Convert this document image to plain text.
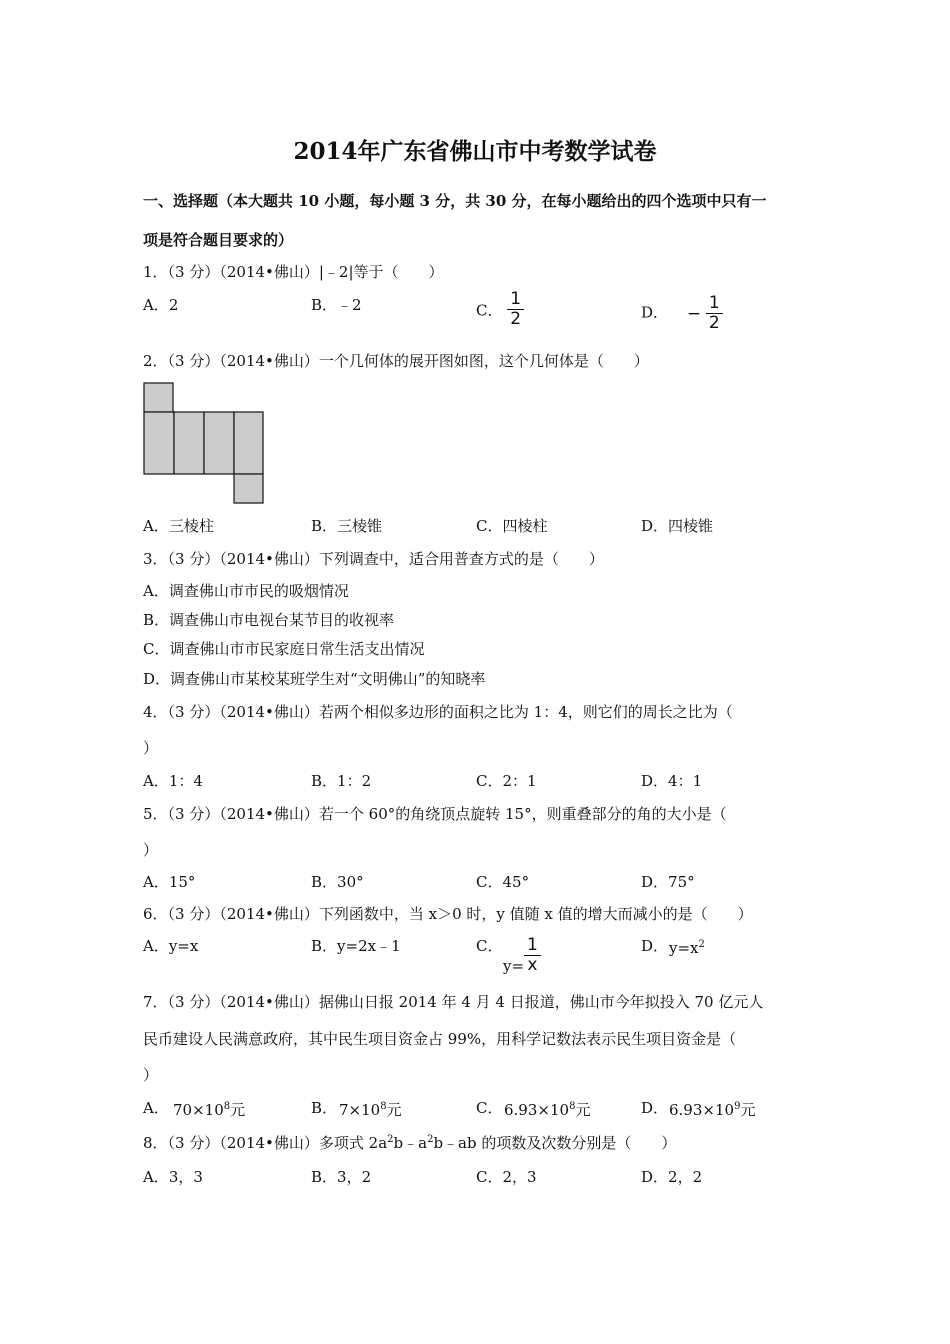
2014年广东省佛山市中考数学试卷
一、选择题（本大题共 10 小题，每小题 3 分，共 30 分，在每小题给出的四个选项中只有一
项是符合题目要求的）
1．（3 分）（2014•佛山）|﹣2|等于（　　）
A．2	B．﹣2	C． $\frac{1}{2}$	D． − $\frac{1}{2}$
2．（3 分）（2014•佛山）一个几何体的展开图如图，这个几何体是（　　）
A．三棱柱	B．三棱锥	C．四棱柱	D．四棱锥
3．（3 分）（2014•佛山）下列调查中，适合用普查方式的是（　　）
A．调查佛山市市民的吸烟情况
B．调查佛山市电视台某节目的收视率
C．调查佛山市市民家庭日常生活支出情况
D．调查佛山市某校某班学生对“文明佛山”的知晓率
4．（3 分）（2014•佛山）若两个相似多边形的面积之比为 1：4，则它们的周长之比为（
）
A．1：4	B．1：2	C．2：1	D．4：1
5．（3 分）（2014•佛山）若一个 60°的角绕顶点旋转 15°，则重叠部分的角的大小是（
）
A．15°	B．30°	C．45°	D．75°
6．（3 分）（2014•佛山）下列函数中，当 x＞0 时，y 值随 x 值的增大而减小的是（　　）
A．y=x	B．y=2x﹣1	C．
$y= \frac{1}{x}$	D． $y=x^2$
7．（3 分）（2014•佛山）据佛山日报 2014 年 4 月 4 日报道，佛山市今年拟投入 70 亿元人
民币建设人民满意政府，其中民生项目资金占 99%，用科学记数法表示民生项目资金是（
）
A． $70\times 10^8$元	B． $7\times 10^8$元	C． $6.93\times 10^8$元	D． $6.93\times 10^9$元
8．（3 分）（2014•佛山）多项式 $2a^2b﹣a^2b﹣ab$ 的项数及次数分别是（　　）
A．3，3	B．3，2	C．2，3	D．2，2
